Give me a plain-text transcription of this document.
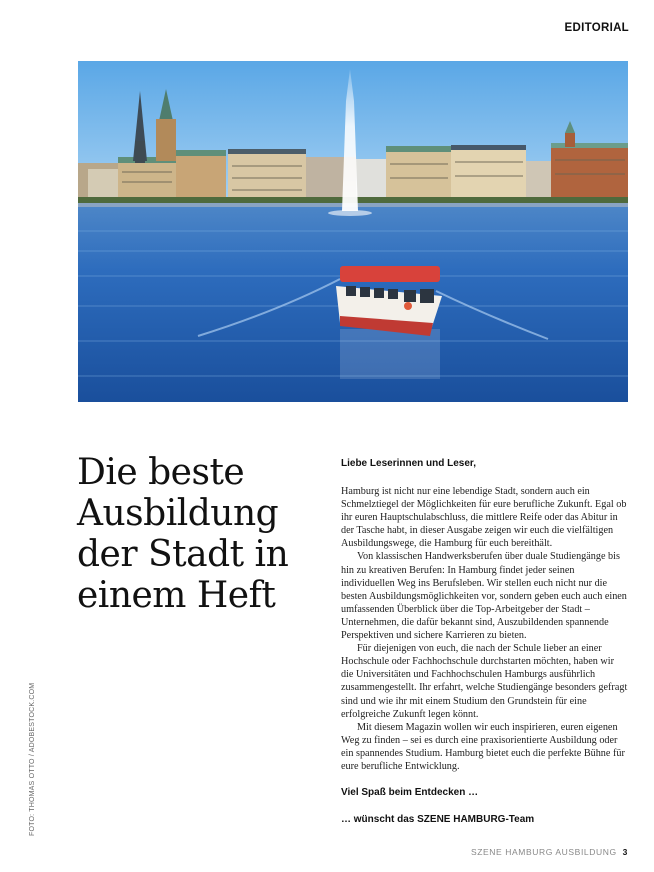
EDITORIAL
FOTO: THOMAS OTTO / ADOBESTOCK.COM
Die beste Ausbildung der Stadt in einem Heft

Liebe Leserinnen und Leser,

Hamburg ist nicht nur eine lebendige Stadt, sondern auch ein Schmelztiegel der Möglichkeiten für eure berufliche Zukunft. Egal ob ihr euren Hauptschulabschluss, die mittlere Reife oder das Abitur in der Tasche habt, in dieser Ausgabe zeigen wir euch die vielfältigen Ausbildungswege, die Hamburg für euch bereithält.

Von klassischen Handwerksberufen über duale Studiengänge bis hin zu kreativen Berufen: In Hamburg findet jeder seinen individuellen Weg ins Berufsleben. Wir stellen euch nicht nur die besten Ausbildungsmöglichkeiten vor, sondern geben euch auch einen umfassenden Überblick über die Top-Arbeitgeber der Stadt – Unternehmen, die dafür bekannt sind, Auszubildenden spannende Perspektiven und sichere Karrieren zu bieten.

Für diejenigen von euch, die nach der Schule lieber an einer Hochschule oder Fachhochschule durchstarten möchten, haben wir die Universitäten und Fachhochschulen Hamburgs ausführlich zusammengestellt. Ihr erfahrt, welche Studiengänge besonders gefragt sind und wie ihr mit einem Studium den Grundstein für eine erfolgreiche Zukunft legen könnt.

Mit diesem Magazin wollen wir euch inspirieren, euren eigenen Weg zu finden – sei es durch eine praxisorientierte Ausbildung oder ein spannendes Studium. Hamburg bietet euch die perfekte Bühne für eure berufliche Entwicklung.

Viel Spaß beim Entdecken …

… wünscht das SZENE HAMBURG-Team

SZENE HAMBURG AUSBILDUNG 3
